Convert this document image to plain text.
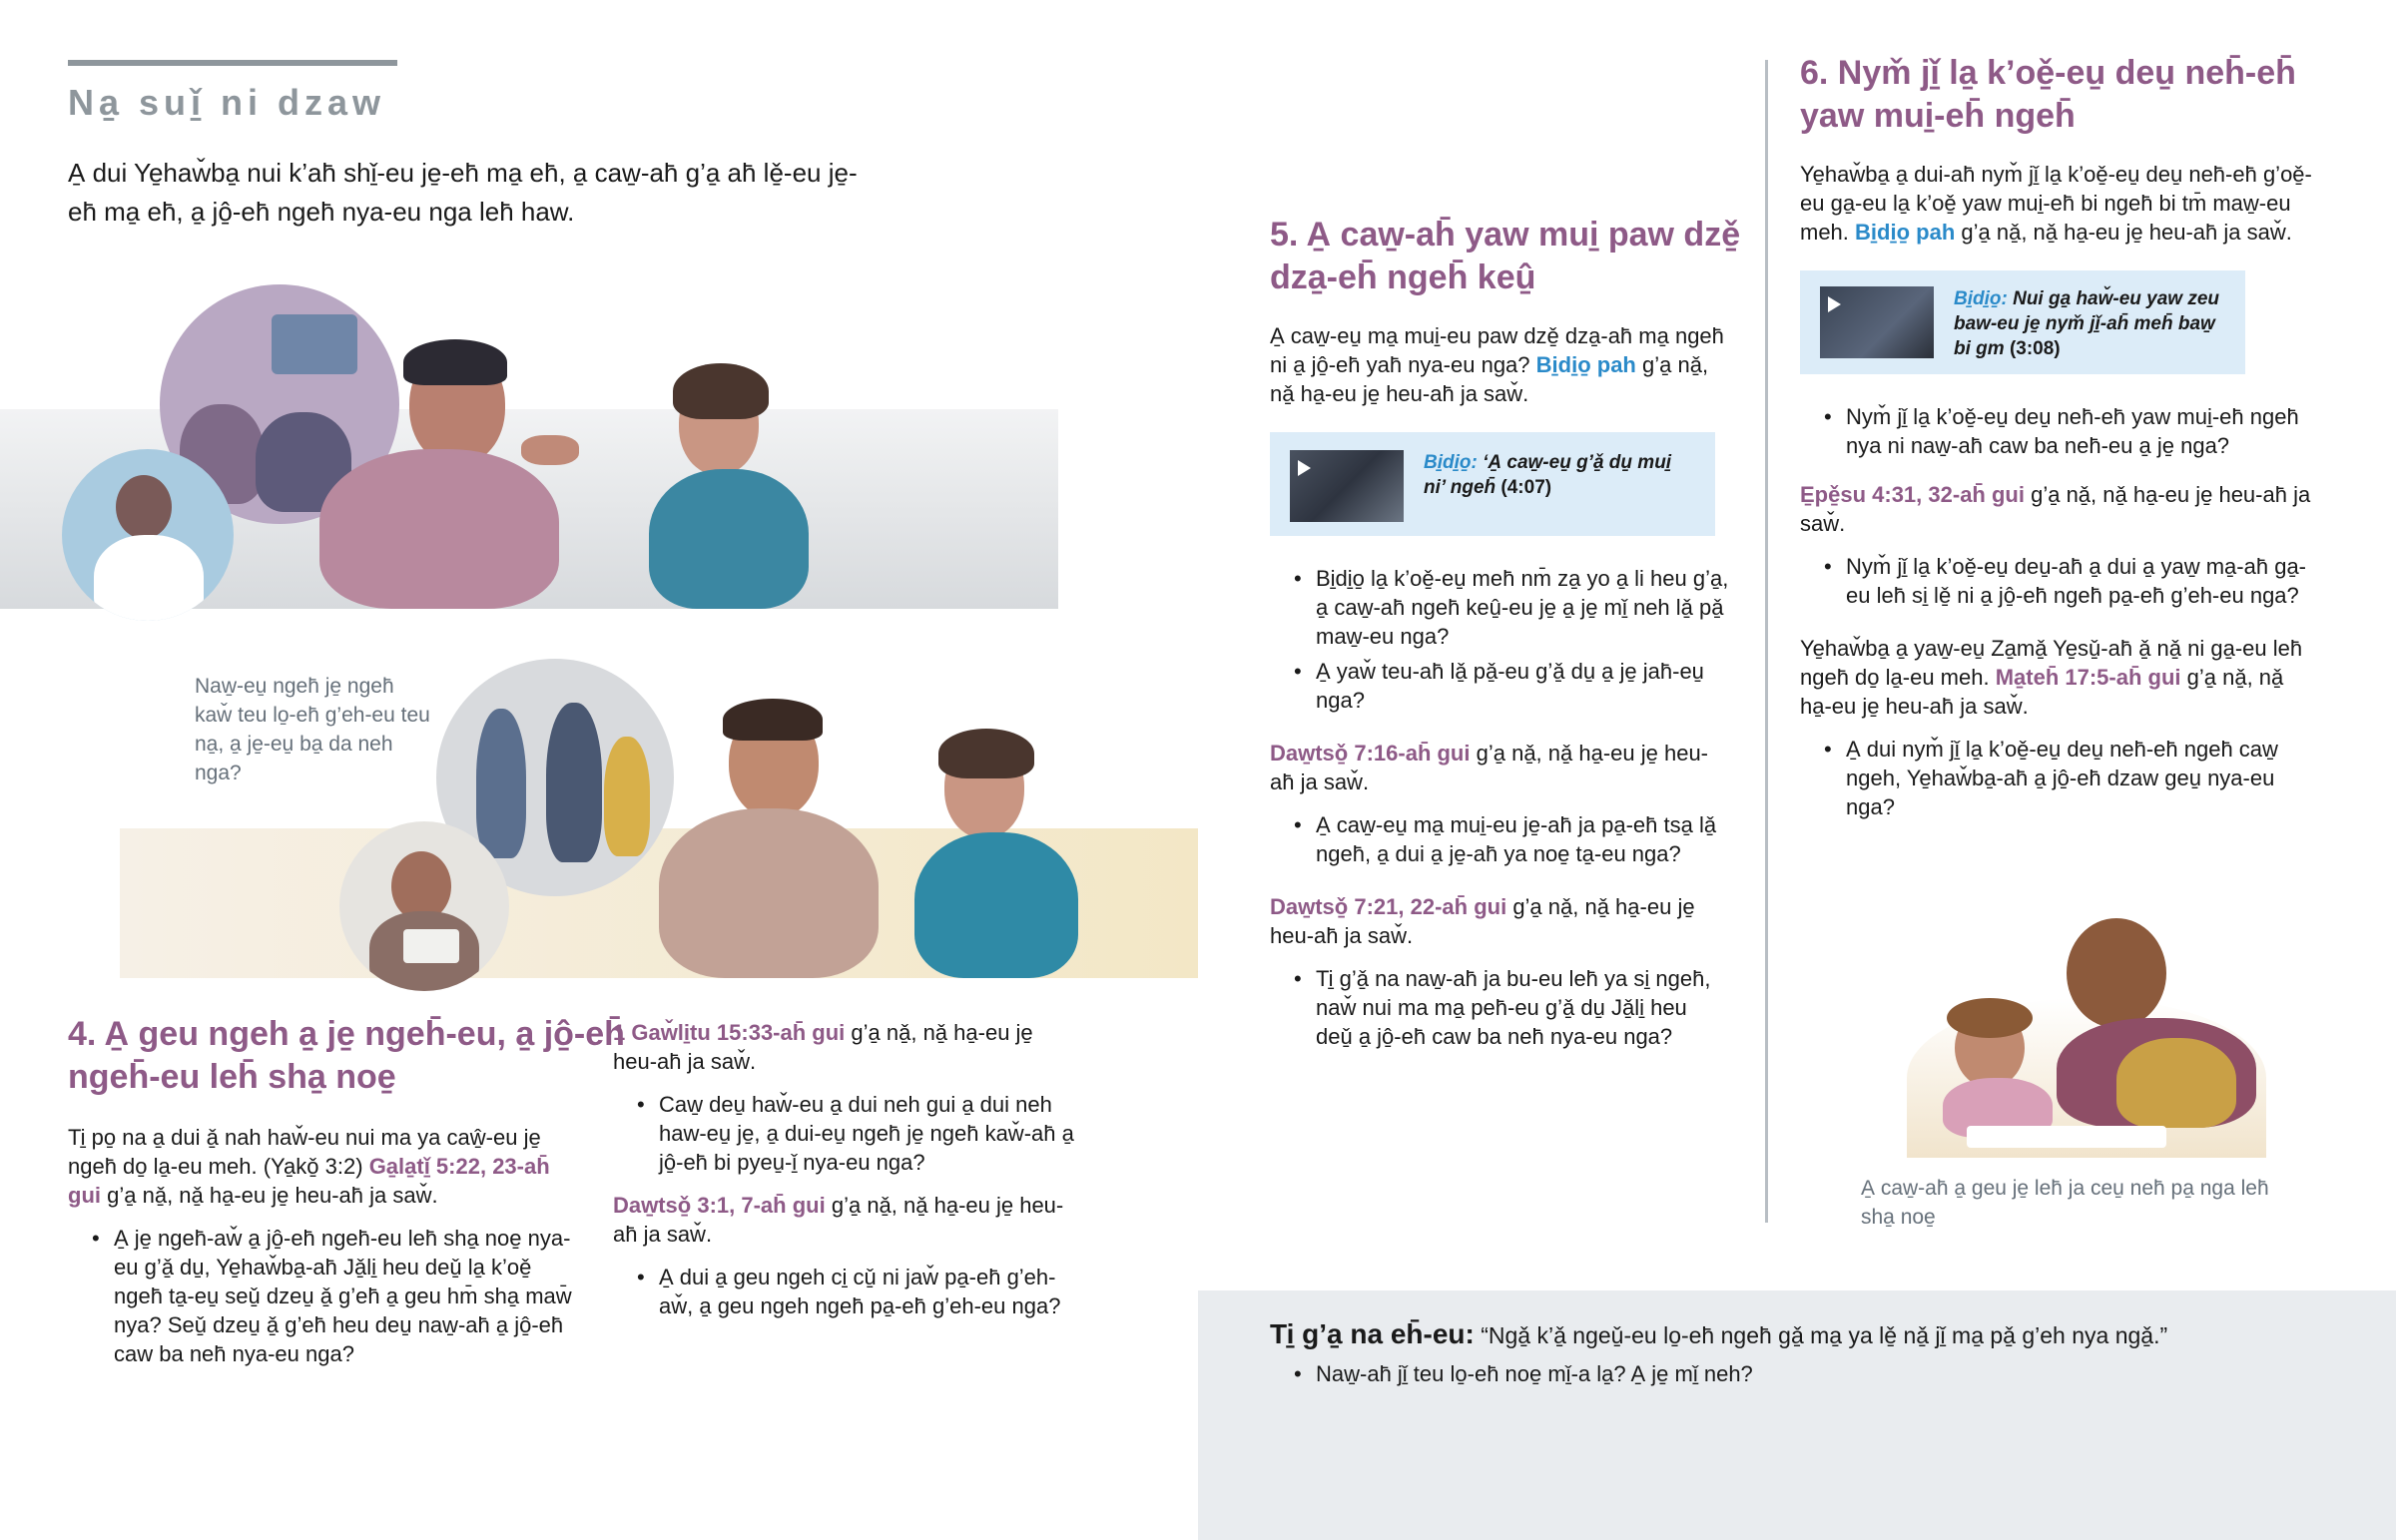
Na̱ suǐ̱ ni dzaw
A̱ dui Ye̱haw̌ba̱ nui k’ah̄ shǐ̱-eu je̱-eh̄ ma̱ eh̄, a̱ caw̱-ah̄ g’a̱ ah̄ lě̱-eu je̱-eh̄ ma̱ eh̄, a̱ jô̱-eh̄ ngeh̄ nya-eu nga leh̄ haw.
Naw̱-eu̱ ngeh̄ je̱ ngeh̄ kaw̌ teu lo̱-eh̄ g’eh-eu teu na̱, a̱ je̱-eu̱ ba̱ da neh nga?
4. A̱ geu ngeh a̱ je̱ ngeh̄-eu, a̱ jô̱-eh̄ ngeh̄-eu leh̄ sha̱ noe̱

Ti̱ po̱ na a̱ dui ǎ̱ nah haw̌-eu nui ma ya caŵ̱-eu je̱ ngeh̄ do̱ la̱-eu meh. (Ya̱kǒ̱ 3:2) Ga̱la̱tǐ̱ 5:22, 23-ah̄ gui g’a̱ nǎ̱, nǎ̱ ha̱-eu je̱ heu-ah̄ ja saw̌.

• A̱ je̱ ngeh̄-aw̌ a̱ jô̱-eh̄ ngeh̄-eu leh̄ sha̱ noe̱ nya-eu g’ǎ̱ du̱, Ye̱haw̌ba̱-ah̄ Jǎ̱li̱ heu deǔ̱ la̱ k’oě̱ ngeh̄ ta̱-eu̱ seǔ̱ dzeu̱ ǎ̱ g’eh̄ a̱ geu hm̄ sha̱ maw̄ nya? Seǔ̱ dzeu̱ ǎ̱ g’eh̄ heu deu̱ naw̱-ah̄ a̱ jô̱-eh̄ caw ba neh̄ nya-eu nga?

1 Gaw̌li̱tu 15:33-ah̄ gui g’a̱ nǎ̱, nǎ̱ ha̱-eu je̱ heu-ah̄ ja saw̌.

• Caw̱ deu̱ haw̌-eu a̱ dui neh gui a̱ dui neh haw-eu̱ je̱, a̱ dui-eu̱ ngeh̄ je̱ ngeh̄ kaw̌-ah̄ a̱ jô̱-eh̄ bi pyeu̱-ǐ̱ nya-eu nga?

Daw̱tsǒ̱ 3:1, 7-ah̄ gui g’a̱ nǎ̱, nǎ̱ ha̱-eu je̱ heu-ah̄ ja saw̌.

• A̱ dui a̱ geu ngeh ci̱ cǔ̱ ni jaw̌ pa̱-eh̄ g’eh-aw̌, a̱ geu ngeh ngeh̄ pa̱-eh̄ g’eh-eu nga?
5. A̱ caw̱-ah̄ yaw mui̱ paw dzě̱ dza̱-eh̄ ngeh̄ keû̱

A̱ caw̱-eu̱ ma̱ mui̱-eu paw dzě̱ dza̱-ah̄ ma̱ ngeh̄ ni a̱ jô̱-eh̄ yah̄ nya-eu nga? Bi̱di̱o̱ pah g’a̱ nǎ̱, nǎ̱ ha̱-eu je̱ heu-ah̄ ja saw̌.

Bi̱di̱o̱: ‘A̱ caw̱-eu̱ g’ǎ̱ du̱ mui̱ ni’ ngeh̄ (4:07)
• Bi̱di̱o̱ la̱ k’oě̱-eu̱ meh̄ nm̄ za̱ yo a̱ li heu g’a̱, a̱ caw̱-ah̄ ngeh̄ keû̱-eu je̱ a̱ je̱ mǐ̱ neh lǎ̱ pǎ̱ maw̱-eu nga?
• A̱ yaw̌ teu-ah̄ lǎ̱ pǎ̱-eu g’ǎ̱ du̱ a̱ je̱ jah̄-eu̱ nga?

Daw̱tsǒ̱ 7:16-ah̄ gui g’a̱ nǎ̱, nǎ̱ ha̱-eu je̱ heu-ah̄ ja saw̌.

• A̱ caw̱-eu̱ ma̱ mui̱-eu je̱-ah̄ ja pa̱-eh̄ tsa̱ lǎ̱ ngeh̄, a̱ dui a̱ je̱-ah̄ ya noe̱ ta̱-eu nga?

Daw̱tsǒ̱ 7:21, 22-ah̄ gui g’a̱ nǎ̱, nǎ̱ ha̱-eu je̱ heu-ah̄ ja saw̌.

• Ti̱ g’ǎ̱ na naw̱-ah̄ ja bu-eu leh̄ ya si̱ ngeh̄, naw̌ nui ma ma̱ peh̄-eu g’ǎ̱ du̱ Jǎ̱li̱ heu deǔ̱ a̱ jô̱-eh̄ caw ba neh̄ nya-eu nga?
6. Nym̌ jǐ̱ la̱ k’oě̱-eu̱ deu̱ neh̄-eh̄ yaw mui̱-eh̄ ngeh̄

Ye̱haw̌ba̱ a̱ dui-ah̄ nym̌ jǐ̱ la̱ k’oě̱-eu̱ deu̱ neh̄-eh̄ g’oě̱-eu ga̱-eu la̱ k’oě̱ yaw mui̱-eh̄ bi ngeh̄ bi tm̄ maw̱-eu meh. Bi̱di̱o̱ pah g’a̱ nǎ̱, nǎ̱ ha̱-eu je̱ heu-ah̄ ja saw̌.

Bi̱di̱o̱: Nui ga̱ haw̌-eu yaw zeu baw-eu je̱ nym̌ jǐ̱-ah̄ meh̄ baw̱ bi gm (3:08)
• Nym̌ jǐ̱ la̱ k’oě̱-eu̱ deu̱ neh̄-eh̄ yaw mui̱-eh̄ ngeh̄ nya ni naw̱-ah̄ caw ba neh̄-eu a̱ je̱ nga?

E̱pě̱su 4:31, 32-ah̄ gui g’a̱ nǎ̱, nǎ̱ ha̱-eu je̱ heu-ah̄ ja saw̌.

• Nym̌ jǐ̱ la̱ k’oě̱-eu̱ deu̱-ah̄ a̱ dui a̱ yaw̱ ma̱-ah̄ ga̱-eu leh̄ si̱ lě̱ ni a̱ jô̱-eh̄ ngeh̄ pa̱-eh̄ g’eh-eu nga?

Ye̱haw̌ba̱ a̱ yaw̱-eu̱ Za̱mǎ̱ Ye̱sǔ̱-ah̄ ǎ̱ nǎ̱ ni ga̱-eu leh̄ ngeh̄ do̱ la̱-eu meh. Ma̱teh̄ 17:5-ah̄ gui g’a̱ nǎ̱, nǎ̱ ha̱-eu je̱ heu-ah̄ ja saw̌.

• A̱ dui nym̌ jǐ̱ la̱ k’oě̱-eu̱ deu̱ neh̄-eh̄ ngeh̄ caw̱ ngeh, Ye̱haw̌ba̱-ah̄ a̱ jô̱-eh̄ dzaw geu̱ nya-eu nga?
A̱ caw̱-ah̄ a̱ geu je̱ leh̄ ja ceu̱ neh̄ pa̱ nga leh̄ sha̱ noe̱
Ti̱ g’a̱ na eh̄-eu: “Ngǎ̱ k’ǎ̱ ngeǔ̱-eu lo̱-eh̄ ngeh̄ gǎ̱ ma̱ ya lě̱ nǎ̱ jǐ̱ ma̱ pǎ̱ g’eh nya ngǎ̱.”
• Naw̱-ah̄ jǐ̱ teu lo̱-eh̄ noe̱ mǐ̱-a la̱? A̱ je̱ mǐ̱ neh?
